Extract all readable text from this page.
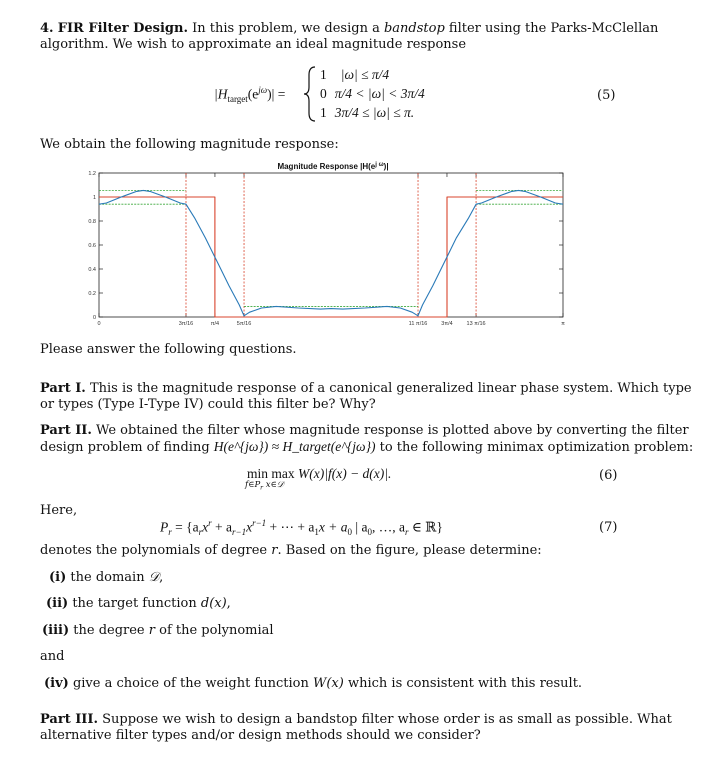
4. FIR Filter Design. In this problem, we design a bandstop filter using the Parks-McClellan
algorithm. We wish to approximate an ideal magnitude response
$|H_{target}(e^{j\omega})|$ =
1 |ω| ≤ π/4
0 π/4 < |ω| < 3π/4
1 3π/4 ≤ |ω| ≤ π.
(5)
We obtain the following magnitude response:
Magnitude Response $|H(e^{j \omega})|$
0
0.2
0.4
0.6
0.8
1
1.2
0	3π/16	π/4	5π/16	11 π/16	3π/4	13 π/16	π
Please answer the following questions.
Part I. This is the magnitude response of a canonical generalized linear phase system. Which type
or types (Type I-Type IV) could this filter be? Why?
Part II. We obtained the filter whose magnitude response is plotted above by converting the filter
design problem of finding H(e^{jω}) ≈ H_target(e^{jω}) to the following minimax optimization problem:
min max W(x)|f(x) − d(x)|.
$f\in P_r$ x∈𝒟
(6)
Here,
$P_r = \{a_rx^r + a_{r-1}x^{r-1}$ + ⋯ + $a_1x + a_0$ | $a_0$, …, $a_r$ ∈ ℝ}	(7)
denotes the polynomials of degree r. Based on the figure, please determine:
(i) the domain 𝒟,
(ii) the target function d(x),
(iii) the degree r of the polynomial
and
(iv) give a choice of the weight function W(x) which is consistent with this result.
Part III. Suppose we wish to design a bandstop filter whose order is as small as possible. What
alternative filter types and/or design methods should we consider?
